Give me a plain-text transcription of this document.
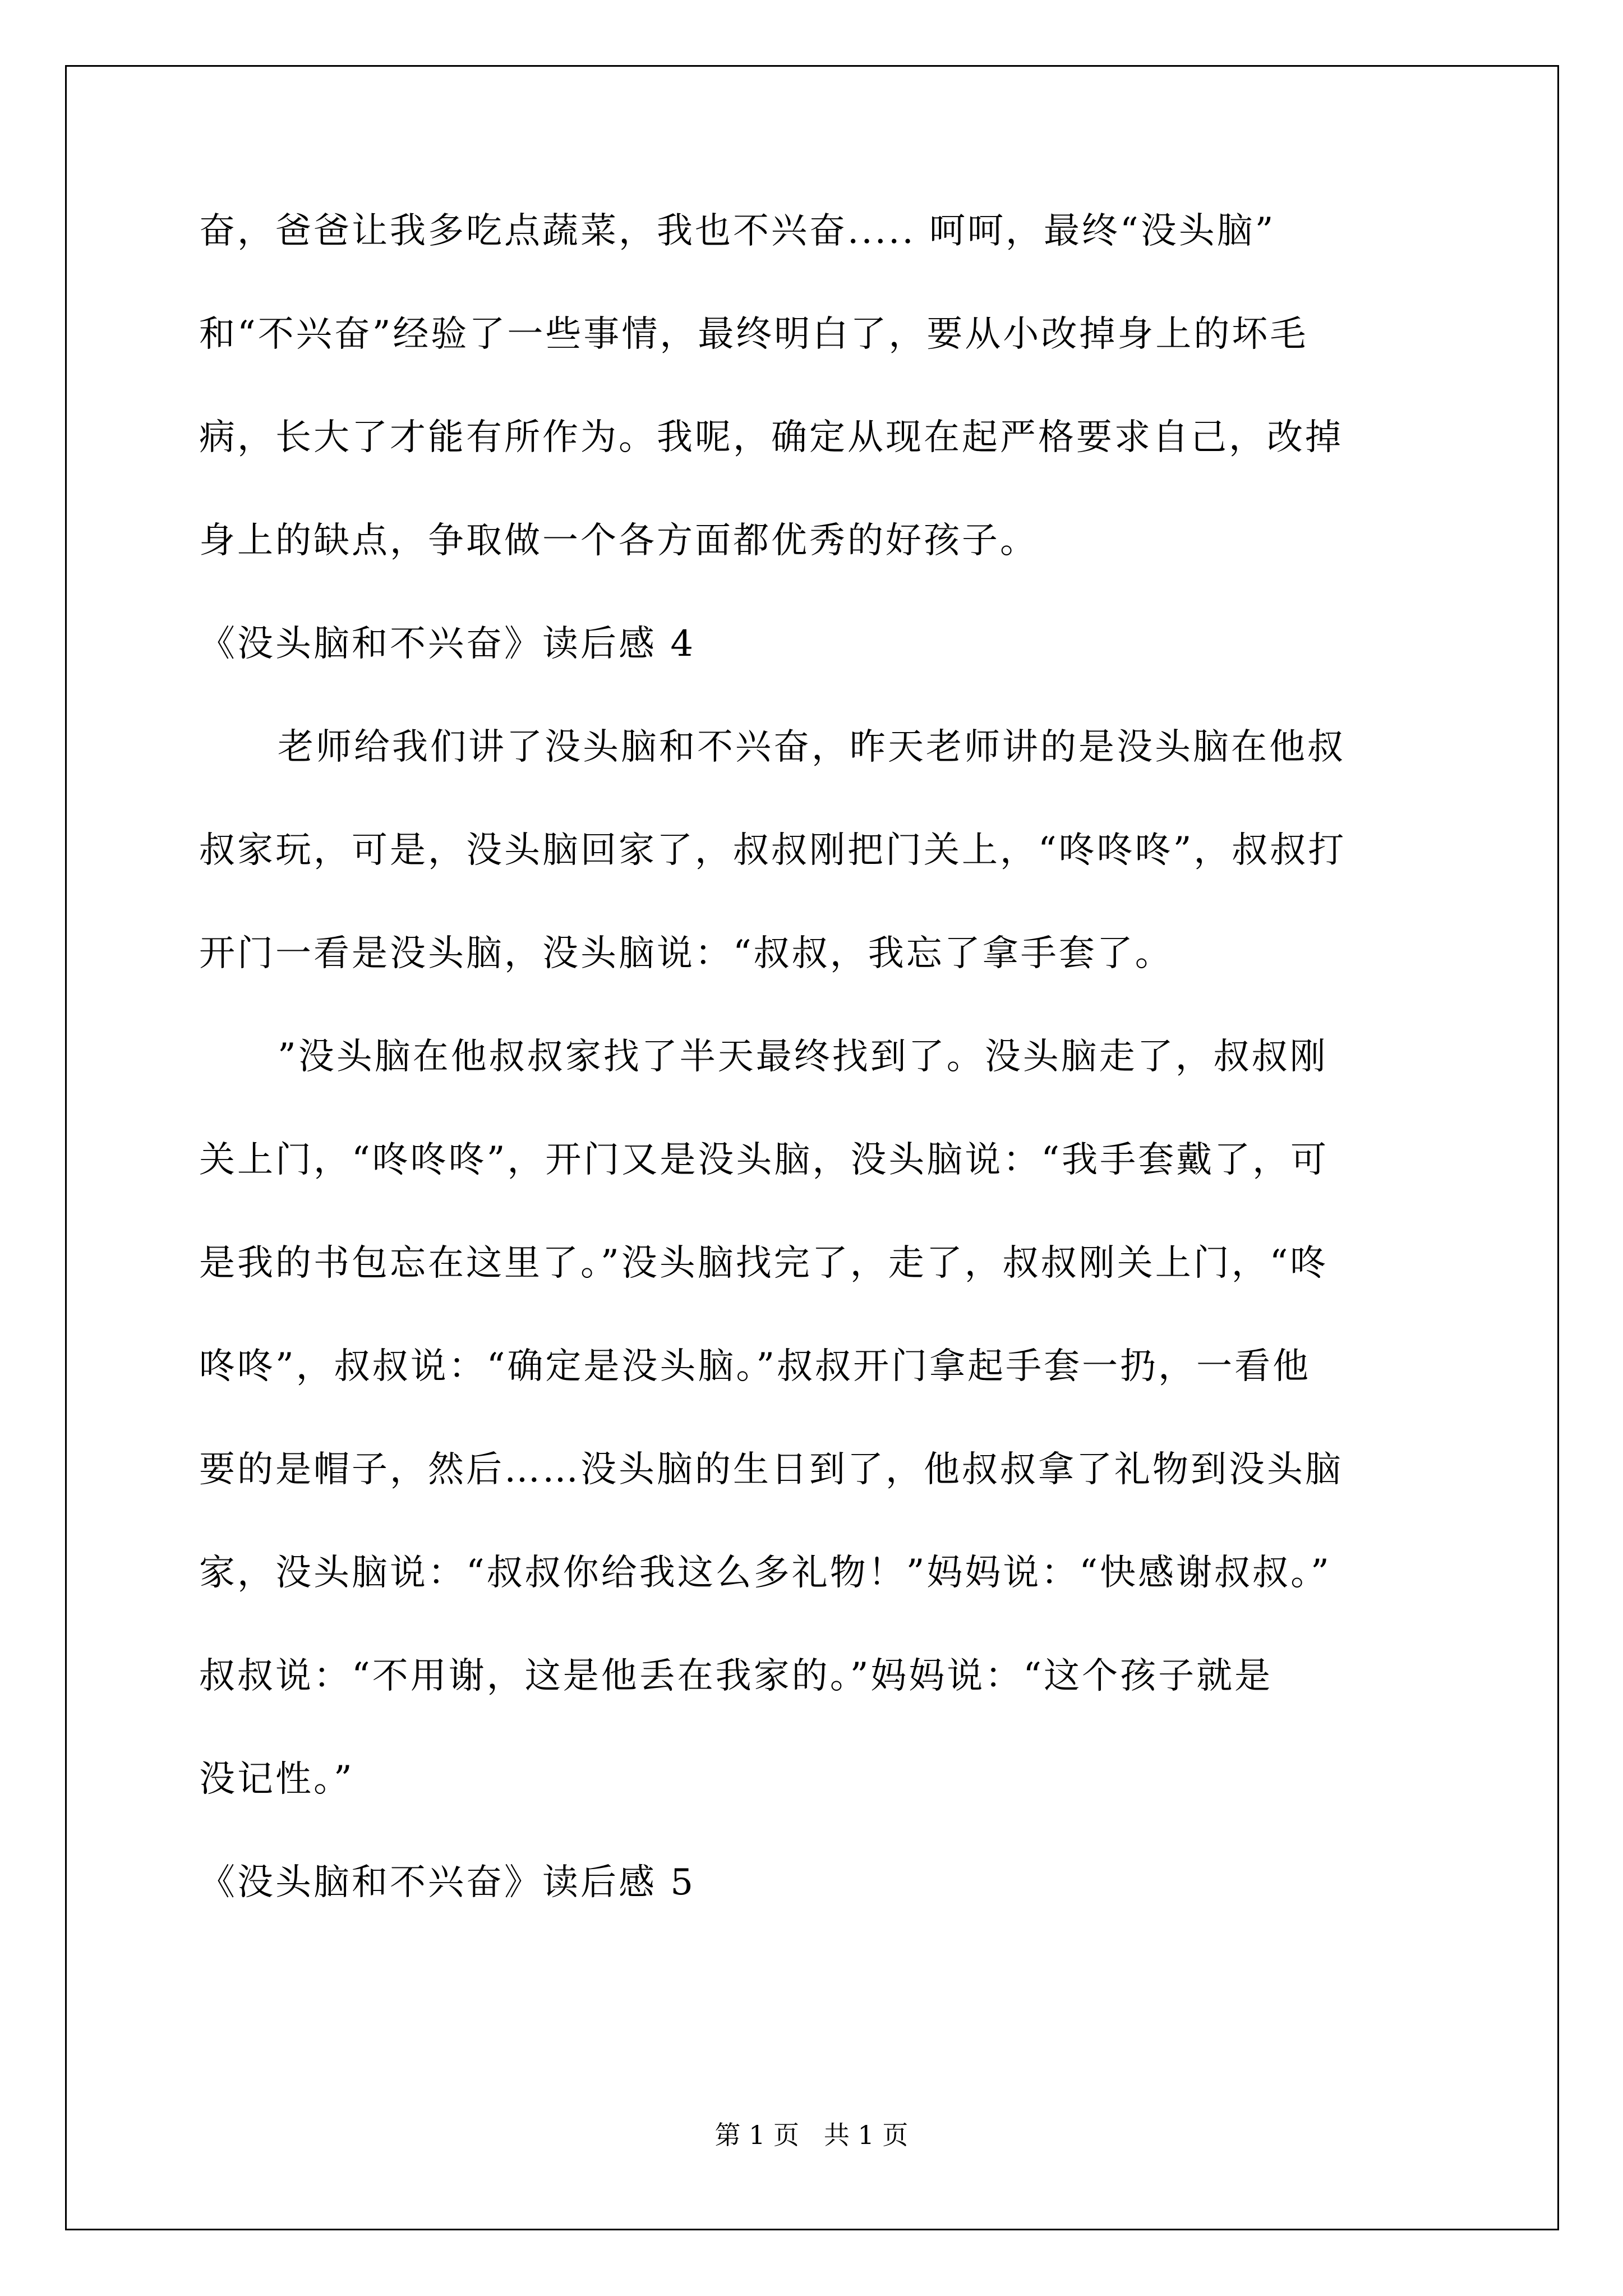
奋，爸爸让我多吃点蔬菜，我也不兴奋..... 呵呵，最终“没头脑”
和“不兴奋”经验了一些事情，最终明白了，要从小改掉身上的坏毛
病，长大了才能有所作为。我呢，确定从现在起严格要求自己，改掉
身上的缺点，争取做一个各方面都优秀的好孩子。
《没头脑和不兴奋》读后感 4
老师给我们讲了没头脑和不兴奋，昨天老师讲的是没头脑在他叔
叔家玩，可是，没头脑回家了，叔叔刚把门关上，“咚咚咚”，叔叔打
开门一看是没头脑，没头脑说：“叔叔，我忘了拿手套了。
”没头脑在他叔叔家找了半天最终找到了。没头脑走了，叔叔刚
关上门，“咚咚咚”，开门又是没头脑，没头脑说：“我手套戴了，可
是我的书包忘在这里了。”没头脑找完了，走了，叔叔刚关上门，“咚
咚咚”，叔叔说：“确定是没头脑。”叔叔开门拿起手套一扔，一看他
要的是帽子，然后……没头脑的生日到了，他叔叔拿了礼物到没头脑
家，没头脑说：“叔叔你给我这么多礼物！”妈妈说：“快感谢叔叔。”
叔叔说：“不用谢，这是他丢在我家的。”妈妈说：“这个孩子就是
没记性。”
《没头脑和不兴奋》读后感 5
第 1 页   共 1 页
